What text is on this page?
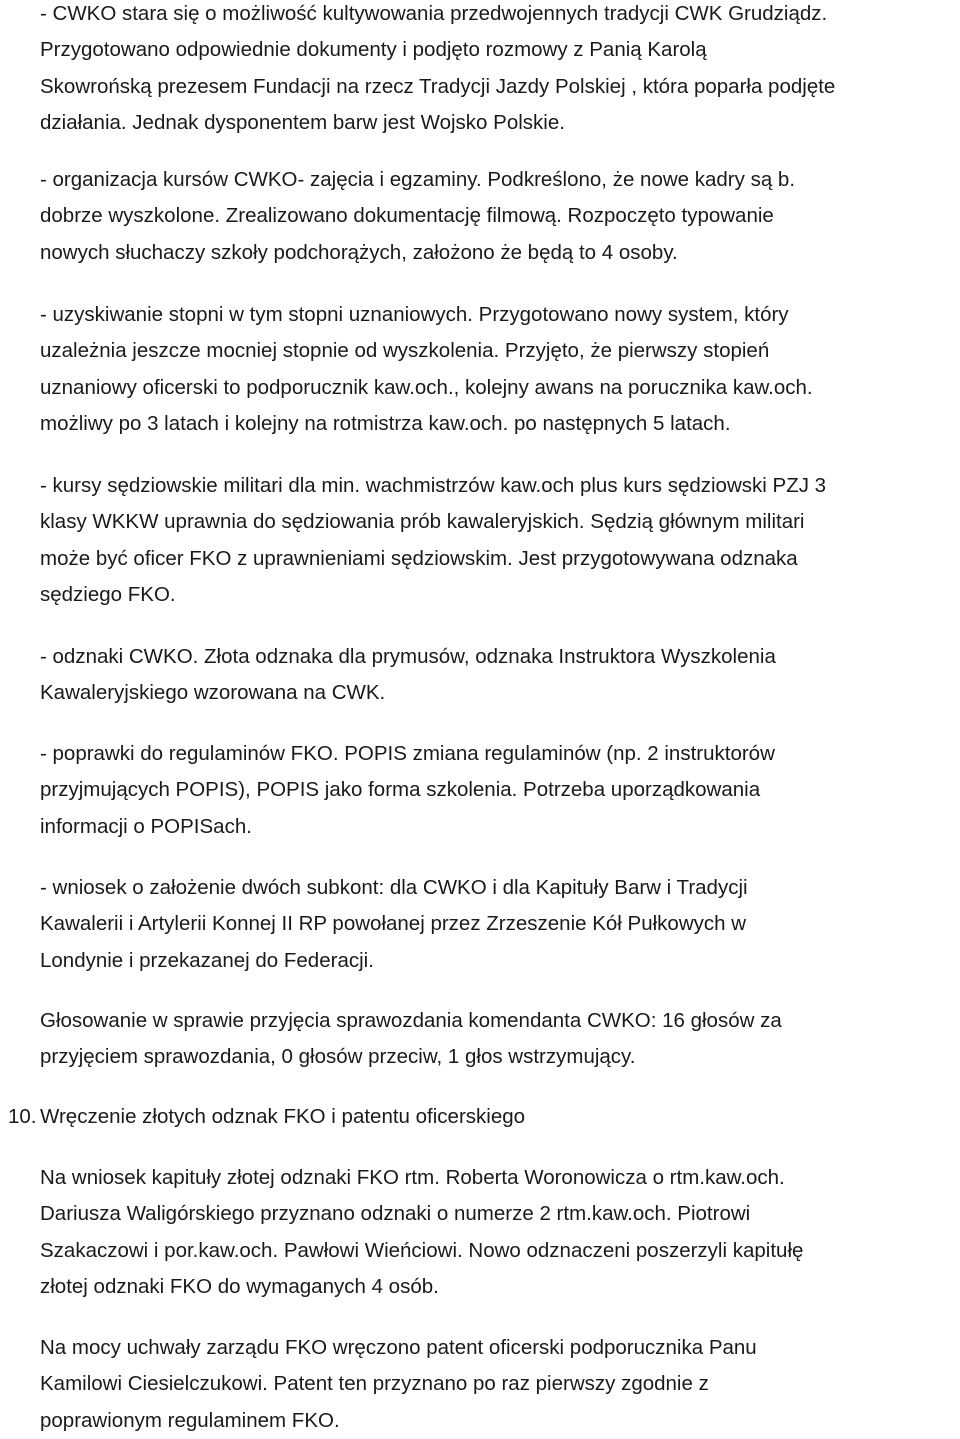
- CWKO stara się o możliwość kultywowania przedwojennych tradycji CWK Grudziądz.
Przygotowano odpowiednie dokumenty i podjęto rozmowy z Panią Karolą
Skowrońską prezesem Fundacji na rzecz Tradycji Jazdy Polskiej , która poparła podjęte
działania. Jednak dysponentem barw jest Wojsko Polskie.
- organizacja kursów CWKO- zajęcia i egzaminy. Podkreślono, że nowe kadry są b.
dobrze wyszkolone. Zrealizowano dokumentację filmową. Rozpoczęto typowanie
nowych słuchaczy szkoły podchorążych, założono że będą to 4 osoby.
- uzyskiwanie stopni w tym stopni uznaniowych. Przygotowano nowy system, który
uzależnia jeszcze mocniej stopnie od wyszkolenia. Przyjęto, że pierwszy stopień
uznaniowy oficerski to podporucznik kaw.och., kolejny awans na porucznika kaw.och.
możliwy po 3 latach i kolejny na rotmistrza kaw.och. po następnych 5 latach.
- kursy sędziowskie militari dla min. wachmistrzów kaw.och plus kurs sędziowski PZJ 3
klasy WKKW uprawnia do sędziowania prób kawaleryjskich. Sędzią głównym militari
może być oficer FKO z uprawnieniami sędziowskim. Jest przygotowywana odznaka
sędziego FKO.
- odznaki CWKO. Złota odznaka dla prymusów, odznaka Instruktora Wyszkolenia
Kawaleryjskiego wzorowana na CWK.
- poprawki do regulaminów FKO. POPIS zmiana regulaminów (np. 2 instruktorów
przyjmujących POPIS), POPIS jako forma szkolenia. Potrzeba uporządkowania
informacji o POPISach.
- wniosek o założenie dwóch subkont: dla CWKO i dla Kapituły Barw i Tradycji
Kawalerii i Artylerii Konnej II RP powołanej przez Zrzeszenie Kół Pułkowych w
Londynie i przekazanej do Federacji.
Głosowanie w sprawie przyjęcia sprawozdania komendanta CWKO: 16 głosów za
przyjęciem sprawozdania, 0 głosów przeciw, 1 głos wstrzymujący.
10. Wręczenie złotych odznak FKO i patentu oficerskiego
Na wniosek kapituły złotej odznaki FKO rtm. Roberta Woronowicza o rtm.kaw.och.
Dariusza Waligórskiego przyznano odznaki o numerze 2 rtm.kaw.och. Piotrowi
Szakaczowi i por.kaw.och. Pawłowi Wieńciowi. Nowo odznaczeni poszerzyli kapitułę
złotej odznaki FKO do wymaganych 4 osób.
Na mocy uchwały zarządu FKO wręczono patent oficerski podporucznika Panu
Kamilowi Ciesielczukowi. Patent ten przyznano po raz pierwszy zgodnie z
poprawionym regulaminem FKO.
